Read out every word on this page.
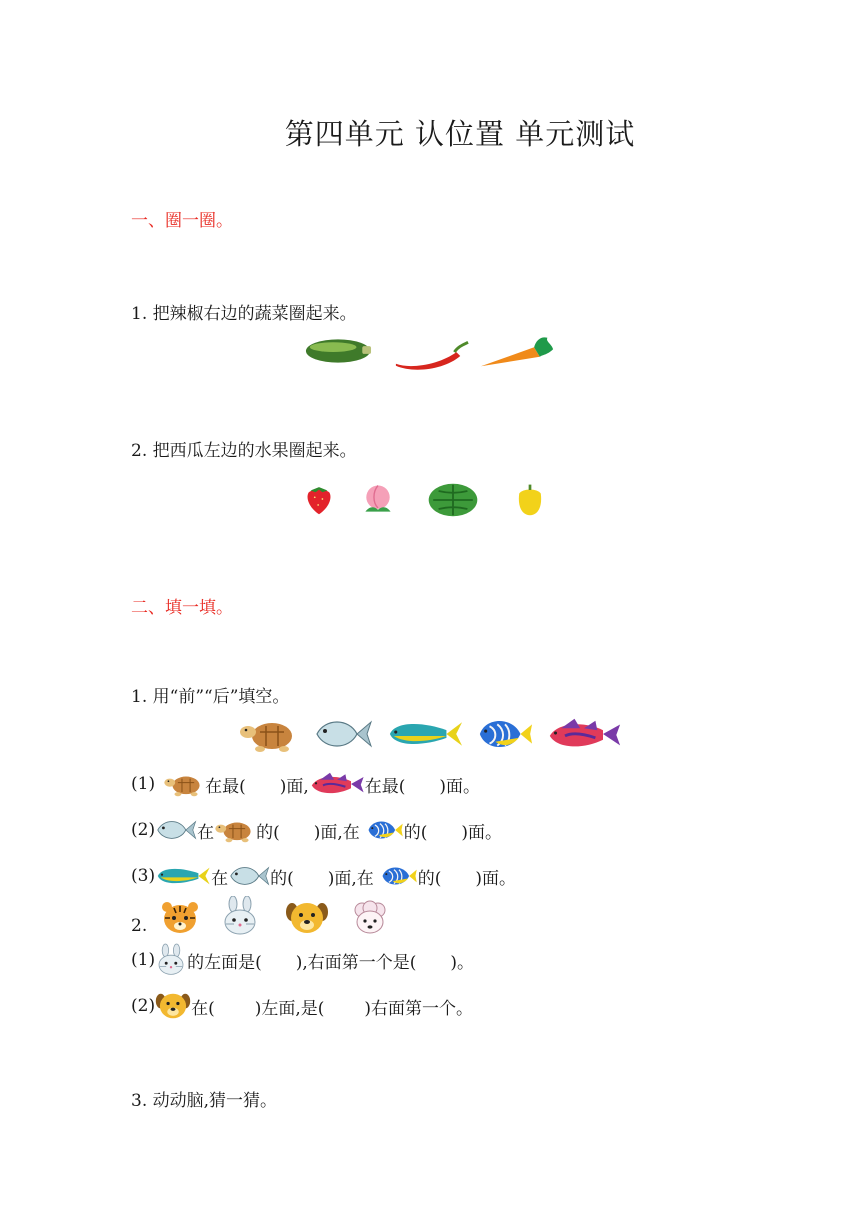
第四单元 认位置 单元测试
一、圈一圈。
1. 把辣椒右边的蔬菜圈起来。
2. 把西瓜左边的水果圈起来。
二、填一填。
1. 用“前”“后”填空。
(1)	在最( )面,	在最( )面。
(2) 在 的( )面,在	的( )面。
(3)	在 的( )面,在	的( )面。
2.
(1) 的左面是( ),右面第一个是( )。
(2) 在( )左面,是( )右面第一个。
3. 动动脑,猜一猜。
